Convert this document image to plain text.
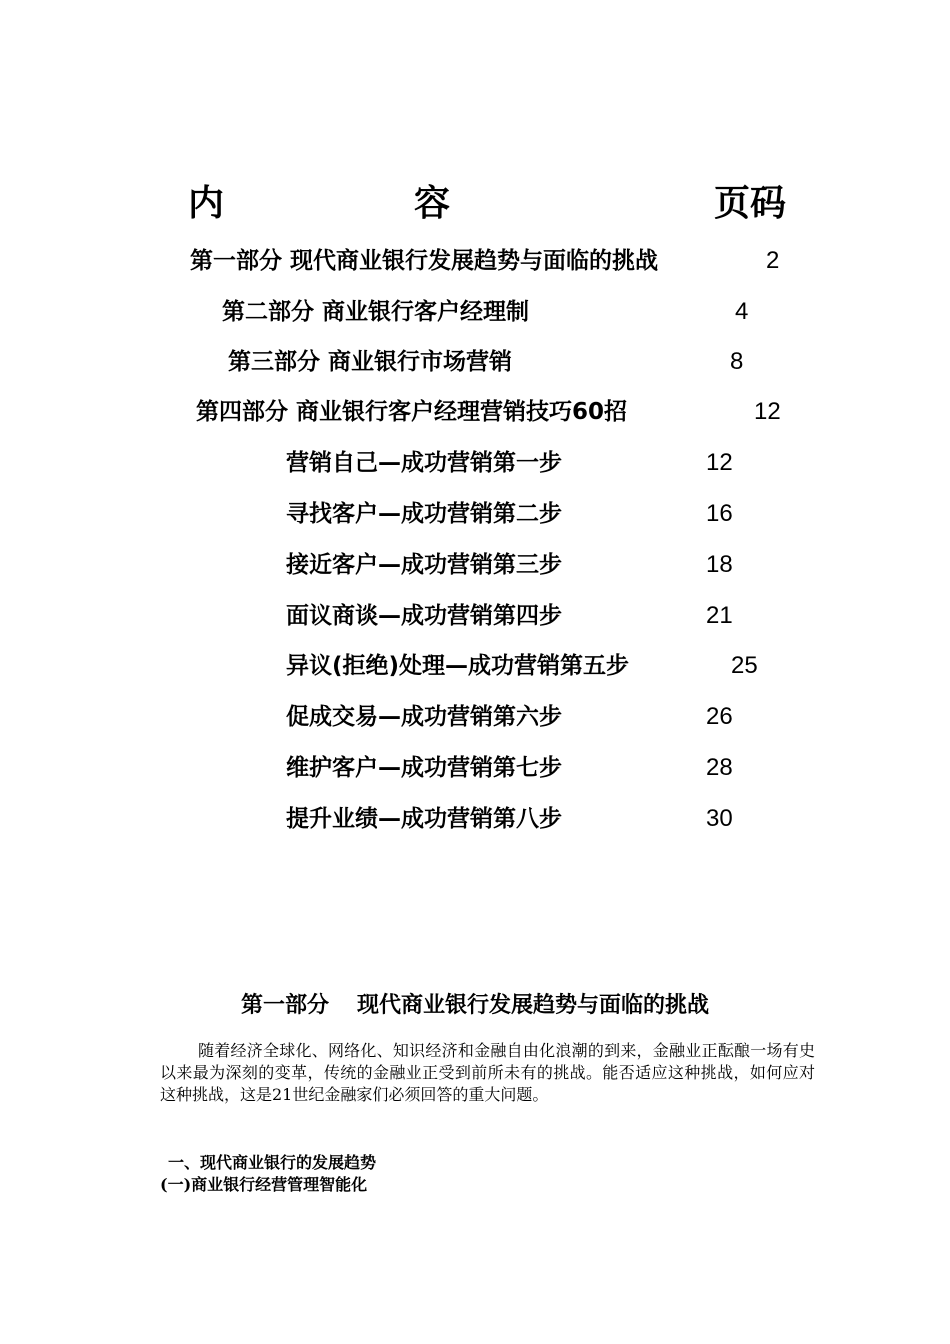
内	容	页码
第一部分 现代商业银行发展趋势与面临的挑战	2
第二部分 商业银行客户经理制	4
第三部分 商业银行市场营销	8
第四部分 商业银行客户经理营销技巧60招	12
营销自己—成功营销第一步	12
寻找客户—成功营销第二步	16
接近客户—成功营销第三步	18
面议商谈—成功营销第四步	21
异议(拒绝)处理—成功营销第五步	25
促成交易—成功营销第六步	26
维护客户—成功营销第七步	28
提升业绩—成功营销第八步	30
第一部分 现代商业银行发展趋势与面临的挑战

随着经济全球化、网络化、知识经济和金融自由化浪潮的到来，金融业正酝酿一场有史以来最为深刻的变革，传统的金融业正受到前所未有的挑战。能否适应这种挑战，如何应对这种挑战，这是21世纪金融家们必须回答的重大问题。

一、现代商业银行的发展趋势
(一)商业银行经营管理智能化
